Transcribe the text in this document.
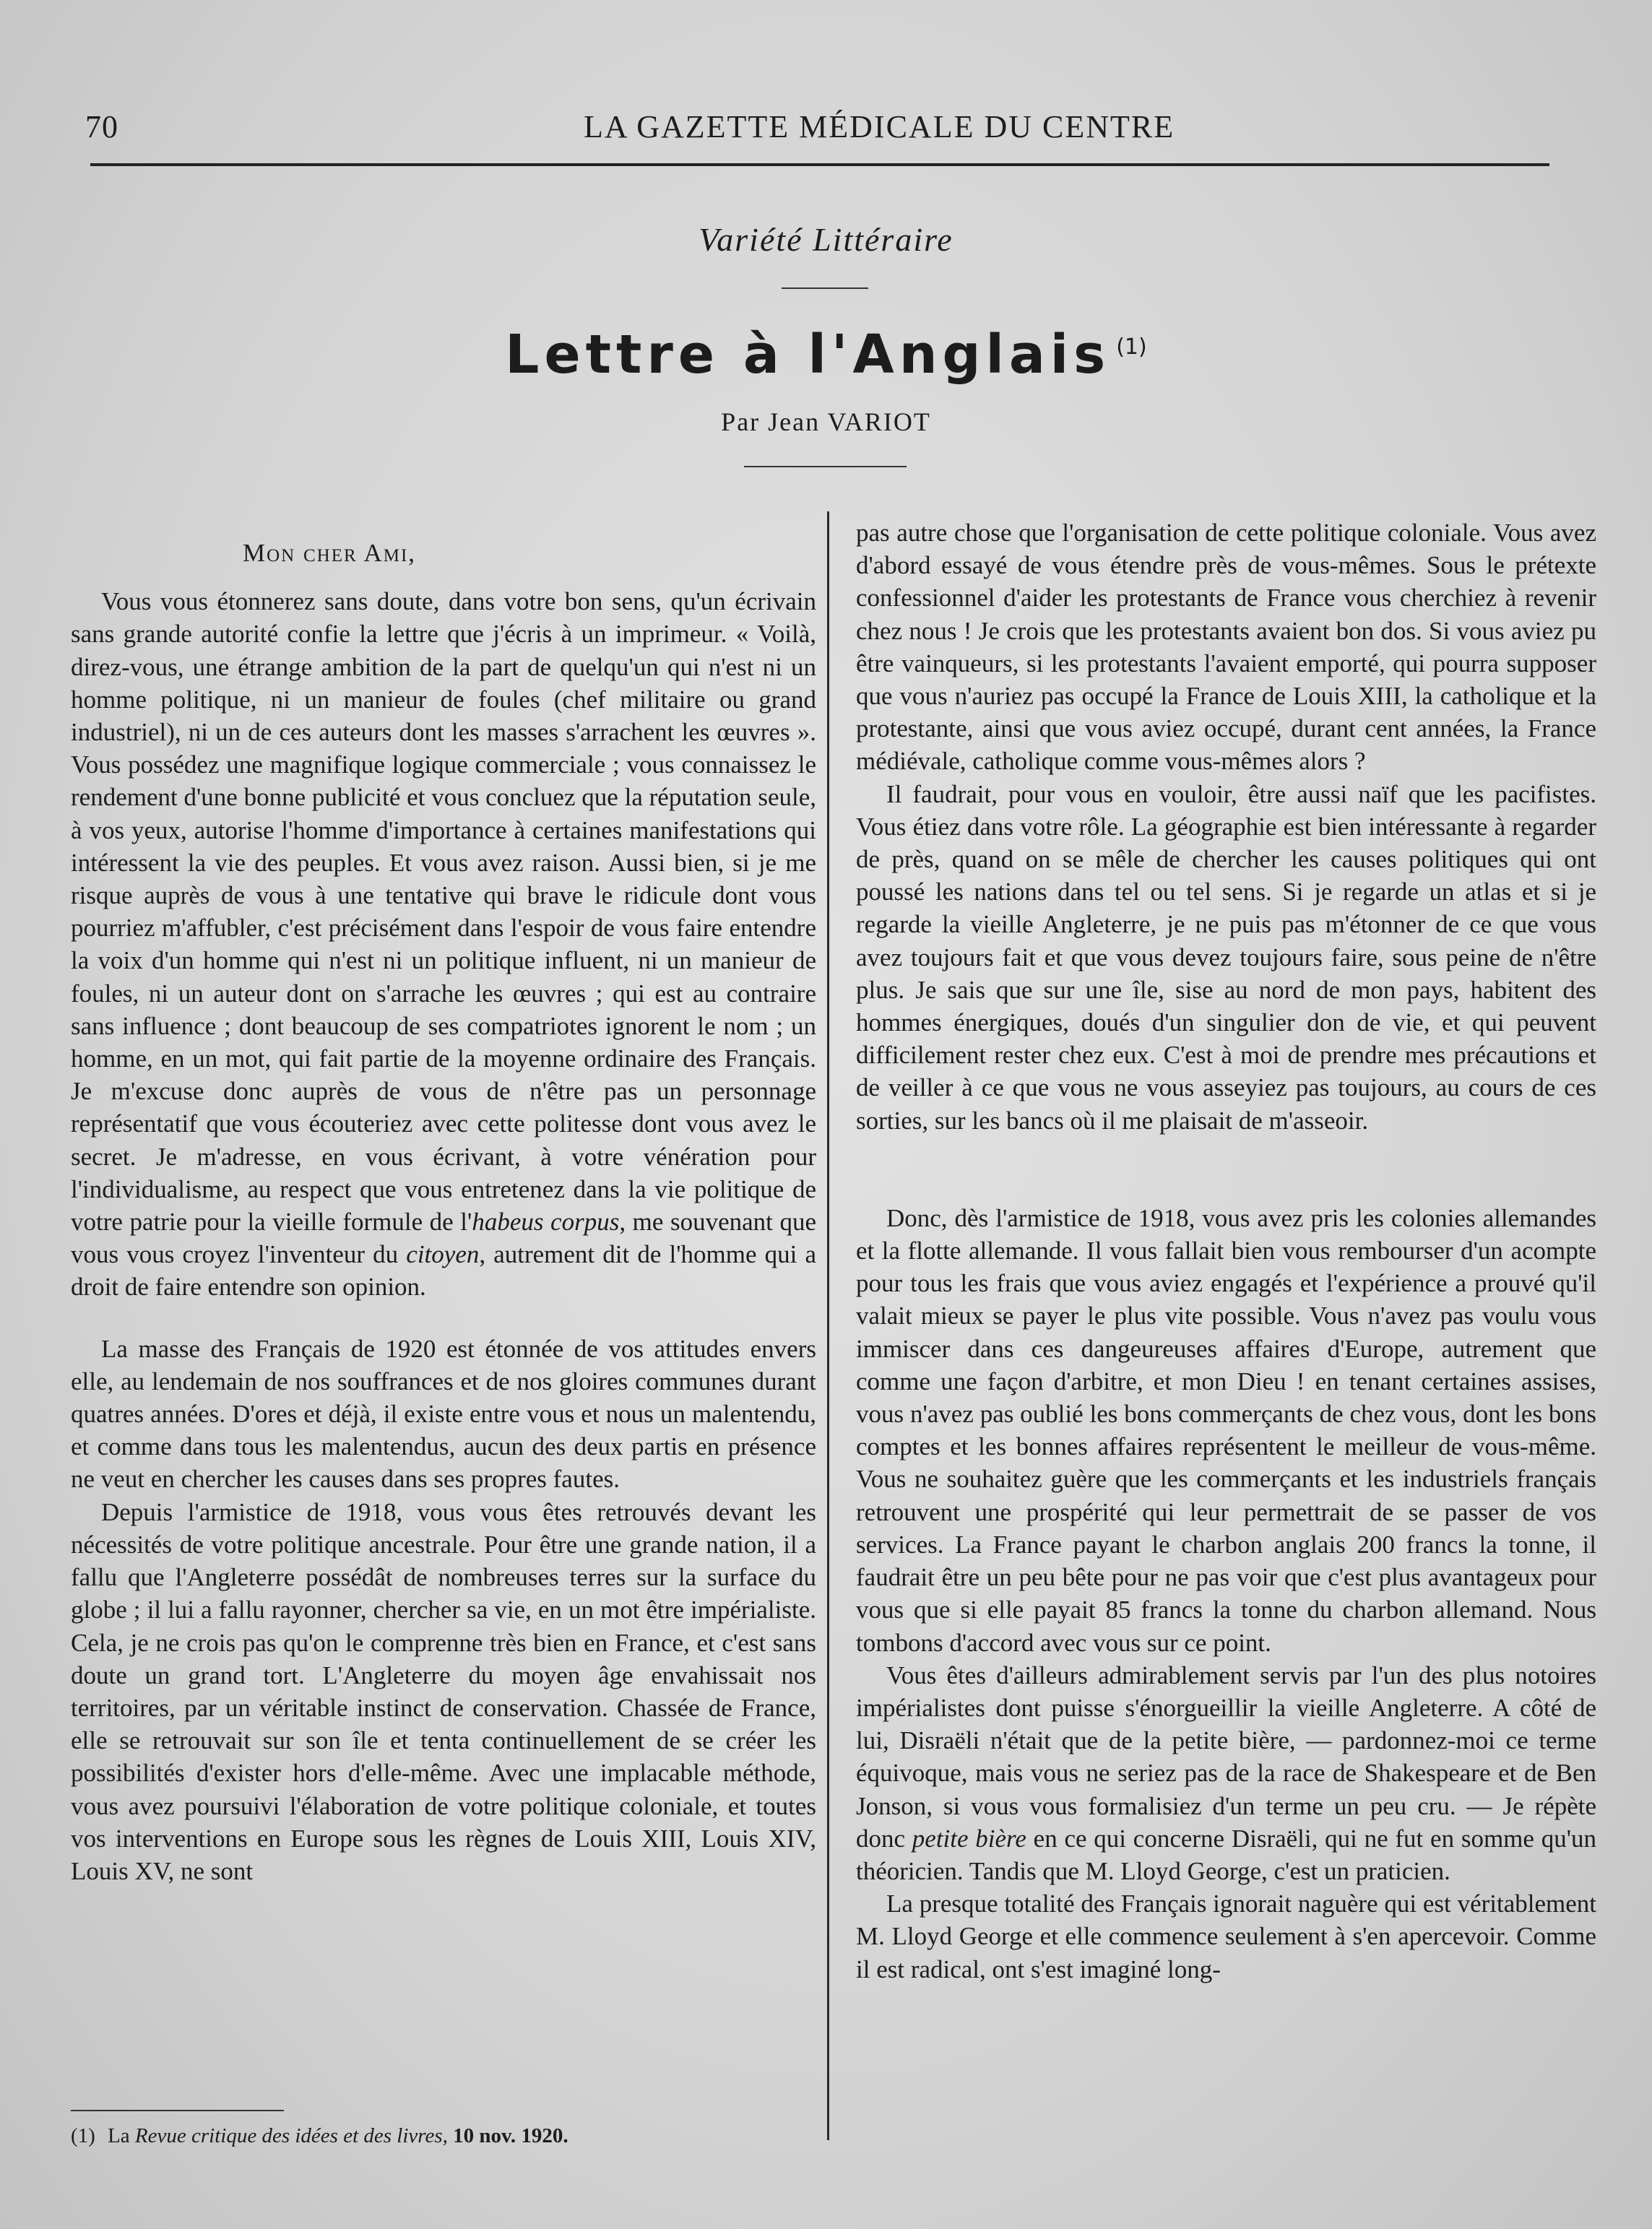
70	LA GAZETTE MÉDICALE DU CENTRE
Variété Littéraire
Lettre à l'Anglais $^{(1)}$
Par Jean VARIOT

Mon cher Ami,

Vous vous étonnerez sans doute, dans votre bon sens, qu'un écrivain sans grande autorité confie la lettre que j'écris à un imprimeur. « Voilà, direz-vous, une étrange ambition de la part de quelqu'un qui n'est ni un homme politique, ni un manieur de foules (chef militaire ou grand industriel), ni un de ces auteurs dont les masses s'arrachent les œuvres ». Vous possédez une magnifique logique commerciale ; vous connaissez le rendement d'une bonne publicité et vous concluez que la réputation seule, à vos yeux, autorise l'homme d'importance à certaines manifestations qui intéressent la vie des peuples. Et vous avez raison. Aussi bien, si je me risque auprès de vous à une tentative qui brave le ridicule dont vous pourriez m'affubler, c'est précisément dans l'espoir de vous faire entendre la voix d'un homme qui n'est ni un politique influent, ni un manieur de foules, ni un auteur dont on s'arrache les œuvres ; qui est au contraire sans influence ; dont beaucoup de ses compatriotes ignorent le nom ; un homme, en un mot, qui fait partie de la moyenne ordinaire des Français. Je m'excuse donc auprès de vous de n'être pas un personnage représentatif que vous écouteriez avec cette politesse dont vous avez le secret. Je m'adresse, en vous écrivant, à votre vénération pour l'individualisme, au respect que vous entretenez dans la vie politique de votre patrie pour la vieille formule de l'habeus corpus, me souvenant que vous vous croyez l'inventeur du citoyen, autrement dit de l'homme qui a droit de faire entendre son opinion.

La masse des Français de 1920 est étonnée de vos attitudes envers elle, au lendemain de nos souffrances et de nos gloires communes durant quatres années. D'ores et déjà, il existe entre vous et nous un malentendu, et comme dans tous les malentendus, aucun des deux partis en présence ne veut en chercher les causes dans ses propres fautes.

Depuis l'armistice de 1918, vous vous êtes retrouvés devant les nécessités de votre politique ancestrale. Pour être une grande nation, il a fallu que l'Angleterre possédât de nombreuses terres sur la surface du globe ; il lui a fallu rayonner, chercher sa vie, en un mot être impérialiste. Cela, je ne crois pas qu'on le comprenne très bien en France, et c'est sans doute un grand tort. L'Angleterre du moyen âge envahissait nos territoires, par un véritable instinct de conservation. Chassée de France, elle se retrouvait sur son île et tenta continuellement de se créer les possibilités d'exister hors d'elle-même. Avec une implacable méthode, vous avez poursuivi l'élaboration de votre politique coloniale, et toutes vos interventions en Europe sous les règnes de Louis XIII, Louis XIV, Louis XV, ne sont

pas autre chose que l'organisation de cette politique coloniale. Vous avez d'abord essayé de vous étendre près de vous-mêmes. Sous le prétexte confessionnel d'aider les protestants de France vous cherchiez à revenir chez nous ! Je crois que les protestants avaient bon dos. Si vous aviez pu être vainqueurs, si les protestants l'avaient emporté, qui pourra supposer que vous n'auriez pas occupé la France de Louis XIII, la catholique et la protestante, ainsi que vous aviez occupé, durant cent années, la France médiévale, catholique comme vous-mêmes alors ?

Il faudrait, pour vous en vouloir, être aussi naïf que les pacifistes. Vous étiez dans votre rôle. La géographie est bien intéressante à regarder de près, quand on se mêle de chercher les causes politiques qui ont poussé les nations dans tel ou tel sens. Si je regarde un atlas et si je regarde la vieille Angleterre, je ne puis pas m'étonner de ce que vous avez toujours fait et que vous devez toujours faire, sous peine de n'être plus. Je sais que sur une île, sise au nord de mon pays, habitent des hommes énergiques, doués d'un singulier don de vie, et qui peuvent difficilement rester chez eux. C'est à moi de prendre mes précautions et de veiller à ce que vous ne vous asseyiez pas toujours, au cours de ces sorties, sur les bancs où il me plaisait de m'asseoir.

Donc, dès l'armistice de 1918, vous avez pris les colonies allemandes et la flotte allemande. Il vous fallait bien vous rembourser d'un acompte pour tous les frais que vous aviez engagés et l'expérience a prouvé qu'il valait mieux se payer le plus vite possible. Vous n'avez pas voulu vous immiscer dans ces dangeureuses affaires d'Europe, autrement que comme une façon d'arbitre, et mon Dieu ! en tenant certaines assises, vous n'avez pas oublié les bons commerçants de chez vous, dont les bons comptes et les bonnes affaires représentent le meilleur de vous-même. Vous ne souhaitez guère que les commerçants et les industriels français retrouvent une prospérité qui leur permettrait de se passer de vos services. La France payant le charbon anglais 200 francs la tonne, il faudrait être un peu bête pour ne pas voir que c'est plus avantageux pour vous que si elle payait 85 francs la tonne du charbon allemand. Nous tombons d'accord avec vous sur ce point.

Vous êtes d'ailleurs admirablement servis par l'un des plus notoires impérialistes dont puisse s'énorgueillir la vieille Angleterre. A côté de lui, Disraëli n'était que de la petite bière, — pardonnez-moi ce terme équivoque, mais vous ne seriez pas de la race de Shakespeare et de Ben Jonson, si vous vous formalisiez d'un terme un peu cru. — Je répète donc petite bière en ce qui concerne Disraëli, qui ne fut en somme qu'un théoricien. Tandis que M. Lloyd George, c'est un praticien.

La presque totalité des Français ignorait naguère qui est véritablement M. Lloyd George et elle commence seulement à s'en apercevoir. Comme il est radical, ont s'est imaginé long-

(1) La Revue critique des idées et des livres, 10 nov. 1920.
